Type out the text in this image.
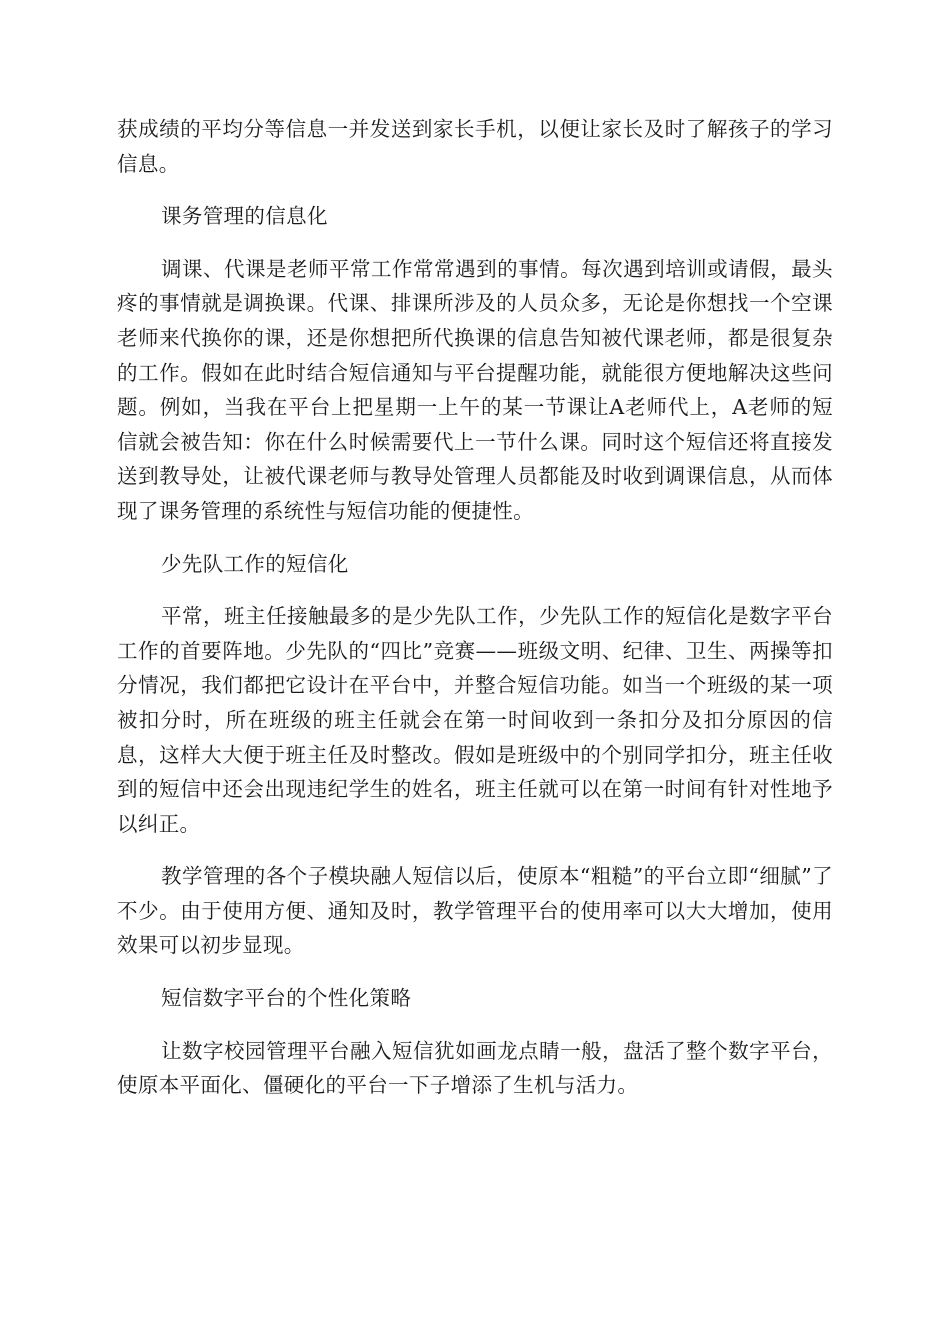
获成绩的平均分等信息一并发送到家长手机，以便让家长及时了解孩子的学习信息。

课务管理的信息化

调课、代课是老师平常工作常常遇到的事情。每次遇到培训或请假，最头疼的事情就是调换课。代课、排课所涉及的人员众多，无论是你想找一个空课老师来代换你的课，还是你想把所代换课的信息告知被代课老师，都是很复杂的工作。假如在此时结合短信通知与平台提醒功能，就能很方便地解决这些问题。例如，当我在平台上把星期一上午的某一节课让A老师代上，A老师的短信就会被告知：你在什么时候需要代上一节什么课。同时这个短信还将直接发送到教导处，让被代课老师与教导处管理人员都能及时收到调课信息，从而体现了课务管理的系统性与短信功能的便捷性。

少先队工作的短信化

平常，班主任接触最多的是少先队工作，少先队工作的短信化是数字平台工作的首要阵地。少先队的“四比”竞赛——班级文明、纪律、卫生、两操等扣分情况，我们都把它设计在平台中，并整合短信功能。如当一个班级的某一项被扣分时，所在班级的班主任就会在第一时间收到一条扣分及扣分原因的信息，这样大大便于班主任及时整改。假如是班级中的个别同学扣分，班主任收到的短信中还会出现违纪学生的姓名，班主任就可以在第一时间有针对性地予以纠正。

教学管理的各个子模块融人短信以后，使原本“粗糙”的平台立即“细腻”了不少。由于使用方便、通知及时，教学管理平台的使用率可以大大增加，使用效果可以初步显现。

短信数字平台的个性化策略

让数字校园管理平台融入短信犹如画龙点睛一般，盘活了整个数字平台，使原本平面化、僵硬化的平台一下子增添了生机与活力。
